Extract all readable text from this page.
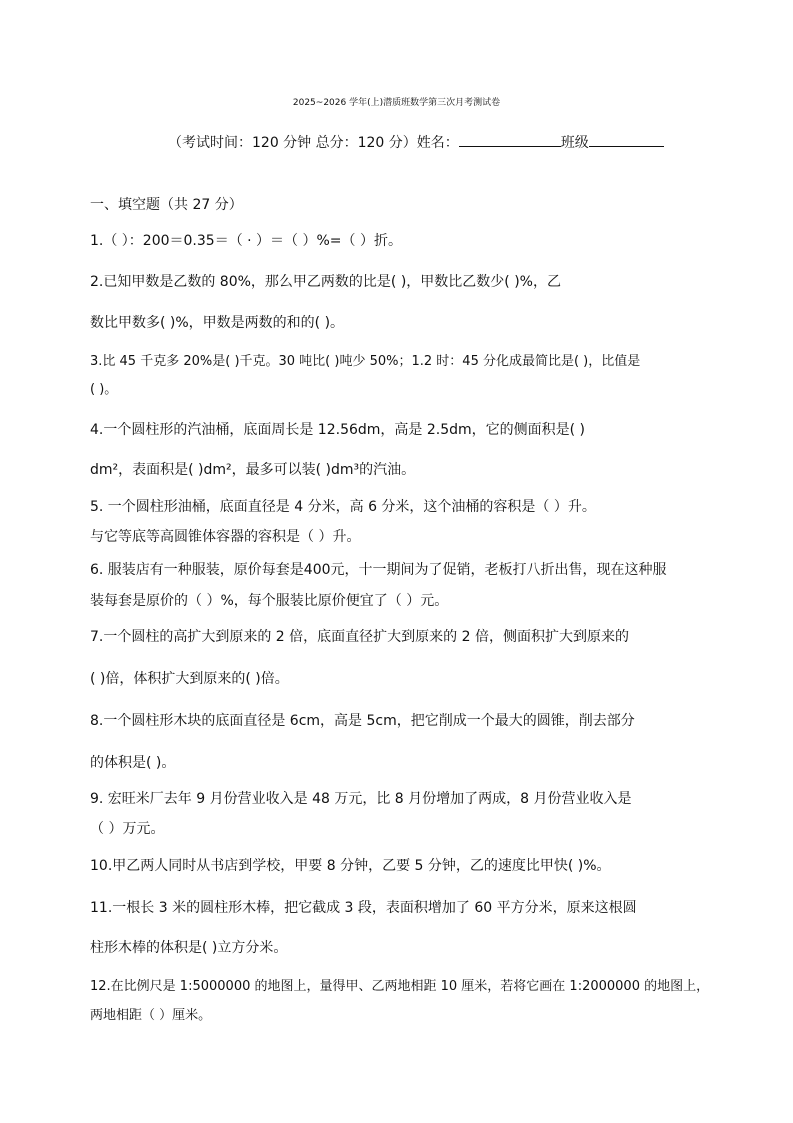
2025~2026 学年(上)潜质班数学第三次月考测试卷
（考试时间：120 分钟 总分：120 分）姓名：	班级
一、填空题（共 27 分）
1.（ ）：200＝0.35＝（ · ）＝（ ）%=（ ）折。
2.已知甲数是乙数的 80%，那么甲乙两数的比是( )，甲数比乙数少( )%，乙
数比甲数多( )%，甲数是两数的和的( )。
3.比 45 千克多 20%是( )千克。30 吨比( )吨少 50%；1.2 时：45 分化成最简比是( )，比值是
( )。
4.一个圆柱形的汽油桶，底面周长是 12.56dm，高是 2.5dm，它的侧面积是( )
dm²，表面积是( )dm²，最多可以装( )dm³的汽油。
5. 一个圆柱形油桶，底面直径是 4 分米，高 6 分米，这个油桶的容积是（ ）升。
与它等底等高圆锥体容器的容积是（ ）升。
6. 服装店有一种服装，原价每套是400元，十一期间为了促销，老板打八折出售，现在这种服
装每套是原价的（ ）%，每个服装比原价便宜了（ ）元。
7.一个圆柱的高扩大到原来的 2 倍，底面直径扩大到原来的 2 倍，侧面积扩大到原来的
( )倍，体积扩大到原来的( )倍。
8.一个圆柱形木块的底面直径是 6cm，高是 5cm，把它削成一个最大的圆锥，削去部分
的体积是( )。
9. 宏旺米厂去年 9 月份营业收入是 48 万元，比 8 月份增加了两成，8 月份营业收入是
（ ）万元。
10.甲乙两人同时从书店到学校，甲要 8 分钟，乙要 5 分钟，乙的速度比甲快( )%。
11.一根长 3 米的圆柱形木棒，把它截成 3 段，表面积增加了 60 平方分米，原来这根圆
柱形木棒的体积是( )立方分米。
12.在比例尺是 1:5000000 的地图上，量得甲、乙两地相距 10 厘米，若将它画在 1:2000000 的地图上，
两地相距（ ）厘米。
